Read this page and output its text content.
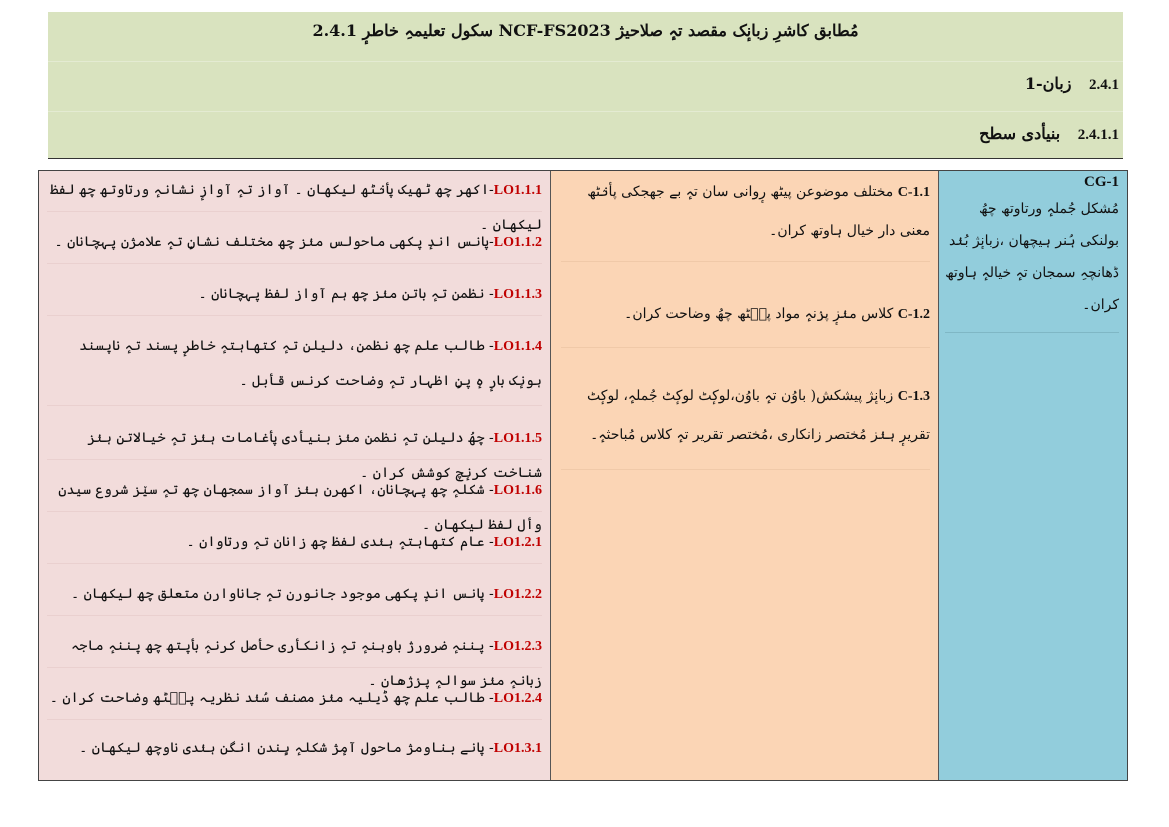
2.4.1 سکول تعلیمہِ خاطرٕ NCF-FS2023 مُطابق کاشرِ زبانٕک مقصد تہٕ صلاحیژ
2.4.1 زبان-1
2.4.1.1 بنیأدی سطح
CG-1
مُشکل جُملہٕ ورتاوتھ چھُ بولنکی ہُنر ہیچھان ،زبانٕژ بُنٛد ڈھانچہِ سمجان تہٕ خیالہٕ ہاوتھ کران۔
C-1.1 مختلف موضوعن پیٹھ رٕوانی سان تہٕ بے جھجکی پأنٛٹھ معنی دار خیال ہاوتھ کران۔
C-1.2 کلاس منٛزٕ پرٛنہٕ مواد پٮ۪ٹھ چھُ وضاحت کران۔
C-1.3 زبانٕژ پیشکش( باوُن تہٕ باوُن،لوکٕٹ لوکٕٹ جُملہٕ، لوکٕٹ تقریرٕ ہنٛز مُختصر زانکاری ،مُختصر تقریر تہٕ کلاس مُباحثہٕ۔
LO1.1.1-اکھر چھ ٹھیک پأنٛٹھ لیکھان ۔ آواز تہٕ آوازٕ نشانہٕ ورتاوتھ چھ لفظ لیکھان ۔
LO1.1.2-پانس اندٕ پکھی ماحولس منٛز چھ مختلف نشانٕ تہٕ علامژن پہچانان ۔
LO1.1.3- نظمن تہٕ باتن منٛز چھ ہم آواز لفظ پہچانان ۔
LO1.1.4- طالب علم چھ نظمن، دلیلن تہٕ کتھاہتہٕ خاطرٕ پسند تہٕ ناپسند ہونٕک بارٕ ہٕ پنٕ اظہار تہٕ وضاحت کرنس قأبل ۔
LO1.1.5- چھُ دلیلن تہٕ نظمن منٛز بنیأدی پأغامات ہنٛز تہٕ خیالاتن ہنٛز شناخت کرنٕچ کوشش کران ۔
LO1.1.6- شکلہٕ چھ پہچانان، اکھرن ہنٛز آواز سمجھان چھ تہٕ سیٚز شروع سیدن وأل لفظ لیکھان ۔
LO1.2.1- عام کتھاہتہٕ ہنٛدی لفظ چھ زانان تہٕ ورتاوان ۔
LO1.2.2- پانس اندٕ پکھی موجود جانورن تہٕ جاناوارن متعلق چھ لیکھان ۔
LO1.2.3- پننہٕ ضرورژ باوہنہٕ تہٕ زانکأری حأصل کرنہٕ بأپتھ چھ پننہٕ ماجہ زبانہٕ منٛز سوالہٕ پرٛژھان ۔
LO1.2.4- طالب علم چھ ڈیلیہ منٛز مصنف سُنٛد نظریہ پٮ۪ٹھ وضاحت کران ۔
LO1.3.1- پانے بناومژ ماحول آمٕژ شکلہٕ ہٕندن انگن ہنٛدی ناوچھ لیکھان ۔
